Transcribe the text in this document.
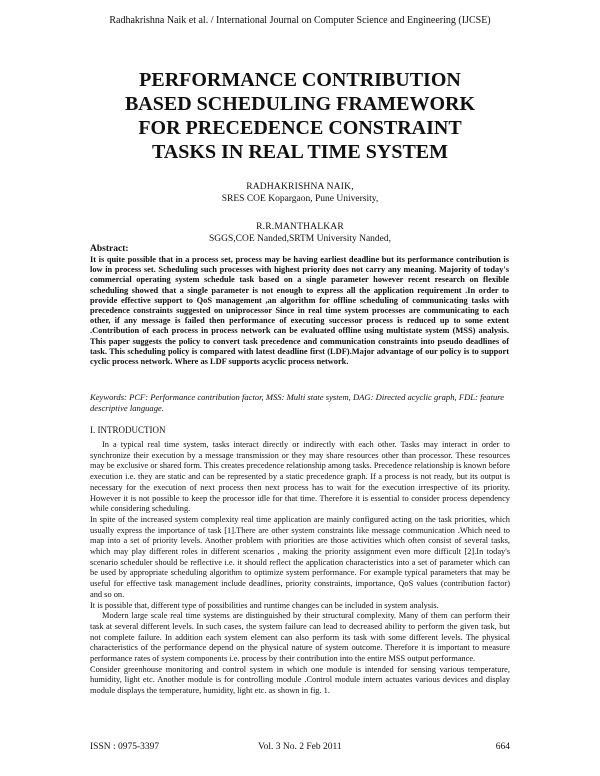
Radhakrishna Naik et al. / International Journal on Computer Science and Engineering (IJCSE)
PERFORMANCE CONTRIBUTION
BASED SCHEDULING FRAMEWORK
FOR PRECEDENCE CONSTRAINT
TASKS IN REAL TIME SYSTEM
RADHAKRISHNA NAIK,
SRES COE Kopargaon, Pune University,
R.R.MANTHALKAR
SGGS,COE Nanded,SRTM University Nanded,
Abstract:
It is quite possible that in a process set, process may be having earliest deadline but its performance contribution is low in process set. Scheduling such processes with highest priority does not carry any meaning. Majority of today's commercial operating system schedule task based on a single parameter however recent research on flexible scheduling showed that a single parameter is not enough to express all the application requirement .In order to provide effective support to QoS management ,an algorithm for offline scheduling of communicating tasks with precedence constraints suggested on uniprocessor Since in real time system processes are communicating to each other, if any message is failed then performance of executing successor process is reduced up to some extent .Contribution of each process in process network can be evaluated offline using multistate system (MSS) analysis. This paper suggests the policy to convert task precedence and communication constraints into pseudo deadlines of task. This scheduling policy is compared with latest deadline first (LDF).Major advantage of our policy is to support cyclic process network. Where as LDF supports acyclic process network.
Keywords: PCF: Performance contribution factor, MSS: Multi state system, DAG: Directed acyclic graph, FDL: feature descriptive language.
I. INTRODUCTION

In a typical real time system, tasks interact directly or indirectly with each other. Tasks may interact in order to synchronize their execution by a message transmission or they may share resources other than processor. These resources may be exclusive or shared form. This creates precedence relationship among tasks. Precedence relationship is known before execution i.e. they are static and can be represented by a static precedence graph. If a process is not ready, but its output is necessary for the execution of next process then next process has to wait for the execution irrespective of its priority. However it is not possible to keep the processor idle for that time. Therefore it is essential to consider process dependency while considering scheduling.

In spite of the increased system complexity real time application are mainly configured acting on the task priorities, which usually express the importance of task [1].There are other system constraints like message communication .Which need to map into a set of priority levels. Another problem with priorities are those activities which often consist of several tasks, which may play different roles in different scenarios , making the priority assignment even more difficult [2].In today's scenario scheduler should be reflective i.e. it should reflect the application characteristics into a set of parameter which can be used by appropriate scheduling algorithm to optimize system performance. For example typical parameters that may be useful for effective task management include deadlines, priority constraints, importance, QoS values (contribution factor) and so on.

It is possible that, different type of possibilities and runtime changes can be included in system analysis.

Modern large scale real time systems are distinguished by their structural complexity. Many of them can perform their task at several different levels. In such cases, the system failure can lead to decreased ability to perform the given task, but not complete failure. In addition each system element can also perform its task with some different levels. The physical characteristics of the performance depend on the physical nature of system outcome. Therefore it is important to measure performance rates of system components i.e. process by their contribution into the entire MSS output performance.

Consider greenhouse monitoring and control system in which one module is intended for sensing various temperature, humidity, light etc. Another module is for controlling module .Control module intern actuates various devices and display module displays the temperature, humidity, light etc. as shown in fig. 1.

ISSN : 0975-3397	Vol. 3 No. 2 Feb 2011	664
